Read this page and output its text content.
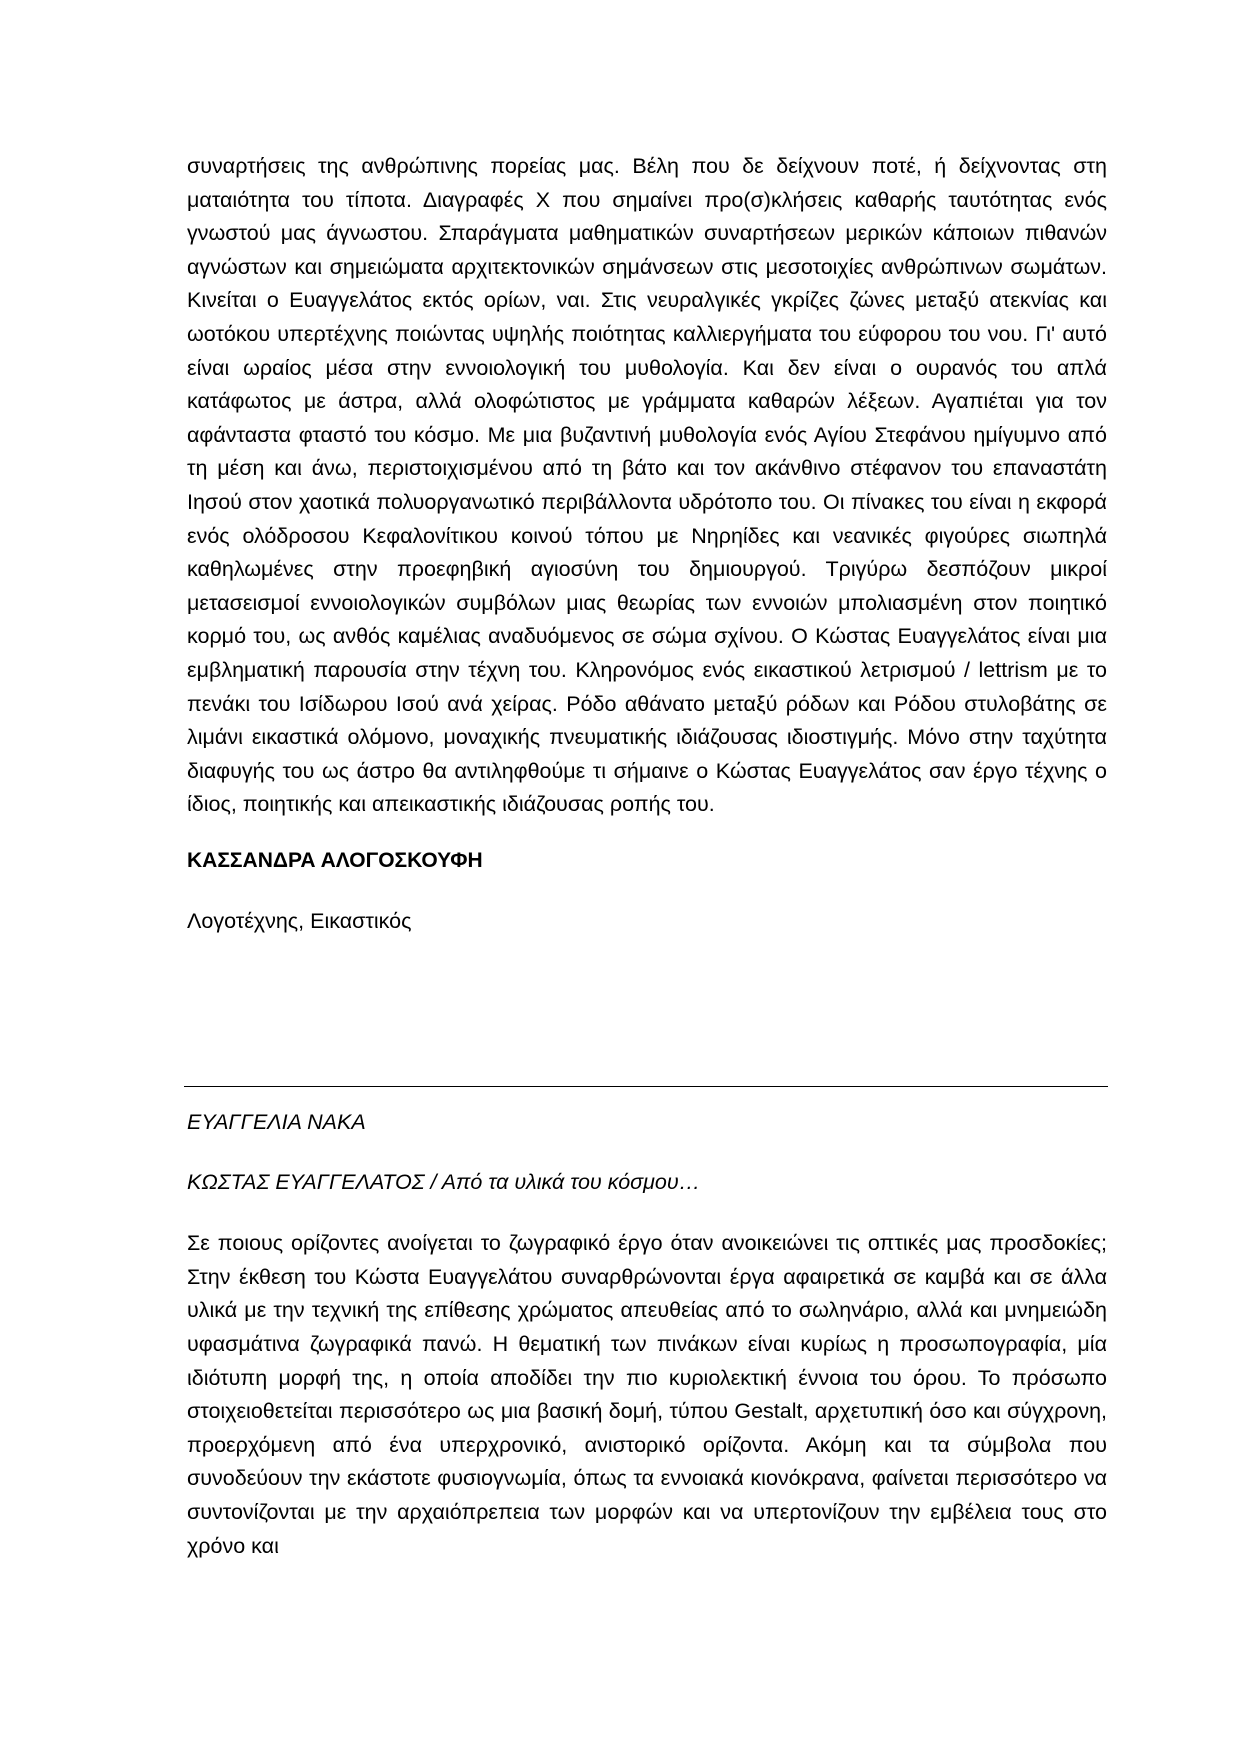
συναρτήσεις της ανθρώπινης πορείας μας. Βέλη που δε δείχνουν ποτέ, ή δείχνοντας στη ματαιότητα του τίποτα. Διαγραφές Χ που σημαίνει προ(σ)κλήσεις καθαρής ταυτότητας ενός γνωστού μας άγνωστου. Σπαράγματα μαθηματικών συναρτήσεων μερικών κάποιων πιθανών αγνώστων και σημειώματα αρχιτεκτονικών σημάνσεων στις μεσοτοιχίες ανθρώπινων σωμάτων. Κινείται ο Ευαγγελάτος εκτός ορίων, ναι. Στις νευραλγικές γκρίζες ζώνες μεταξύ ατεκνίας και ωοτόκου υπερτέχνης ποιώντας υψηλής ποιότητας καλλιεργήματα του εύφορου του νου. Γι' αυτό είναι ωραίος μέσα στην εννοιολογική του μυθολογία. Και δεν είναι ο ουρανός του απλά κατάφωτος με άστρα, αλλά ολοφώτιστος με γράμματα καθαρών λέξεων. Αγαπιέται για τον αφάνταστα φταστό του κόσμο. Με μια βυζαντινή μυθολογία ενός Αγίου Στεφάνου ημίγυμνο από τη μέση και άνω, περιστοιχισμένου από τη βάτο και τον ακάνθινο στέφανον του επαναστάτη Ιησού στον χαοτικά πολυοργανωτικό περιβάλλοντα υδρότοπο του. Οι πίνακες του είναι η εκφορά ενός ολόδροσου Κεφαλονίτικου κοινού τόπου με Νηρηίδες και νεανικές φιγούρες σιωπηλά καθηλωμένες στην προεφηβική αγιοσύνη του δημιουργού. Τριγύρω δεσπόζουν μικροί μετασεισμοί εννοιολογικών συμβόλων μιας θεωρίας των εννοιών μπολιασμένη στον ποιητικό κορμό του, ως ανθός καμέλιας αναδυόμενος σε σώμα σχίνου. Ο Κώστας Ευαγγελάτος είναι μια εμβληματική παρουσία στην τέχνη του. Κληρονόμος ενός εικαστικού λετρισμού / lettrism με το πενάκι του Ισίδωρου Ισού ανά χείρας. Ρόδο αθάνατο μεταξύ ρόδων και Ρόδου στυλοβάτης σε λιμάνι εικαστικά ολόμονο, μοναχικής πνευματικής ιδιάζουσας ιδιοστιγμής. Μόνο στην ταχύτητα διαφυγής του ως άστρο θα αντιληφθούμε τι σήμαινε ο Κώστας Ευαγγελάτος σαν έργο τέχνης ο ίδιος, ποιητικής και απεικαστικής ιδιάζουσας ροπής του.

ΚΑΣΣΑΝΔΡΑ ΑΛΟΓΟΣΚΟΥΦΗ

Λογοτέχνης, Εικαστικός

ΕΥΑΓΓΕΛΙΑ ΝΑΚΑ

ΚΩΣΤΑΣ ΕΥΑΓΓΕΛΑΤΟΣ / Από τα υλικά του κόσμου…

Σε ποιους ορίζοντες ανοίγεται το ζωγραφικό έργο όταν ανοικειώνει τις οπτικές μας προσδοκίες; Στην έκθεση του Κώστα Ευαγγελάτου συναρθρώνονται έργα αφαιρετικά σε καμβά και σε άλλα υλικά με την τεχνική της επίθεσης χρώματος απευθείας από το σωληνάριο, αλλά και μνημειώδη υφασμάτινα ζωγραφικά πανώ. Η θεματική των πινάκων είναι κυρίως η προσωπογραφία, μία ιδιότυπη μορφή της, η οποία αποδίδει την πιο κυριολεκτική έννοια του όρου. Το πρόσωπο στοιχειοθετείται περισσότερο ως μια βασική δομή, τύπου Gestalt, αρχετυπική όσο και σύγχρονη, προερχόμενη από ένα υπερχρονικό, ανιστορικό ορίζοντα. Ακόμη και τα σύμβολα που συνοδεύουν την εκάστοτε φυσιογνωμία, όπως τα εννοιακά κιονόκρανα, φαίνεται περισσότερο να συντονίζονται με την αρχαιόπρεπεια των μορφών και να υπερτονίζουν την εμβέλεια τους στο χρόνο και
